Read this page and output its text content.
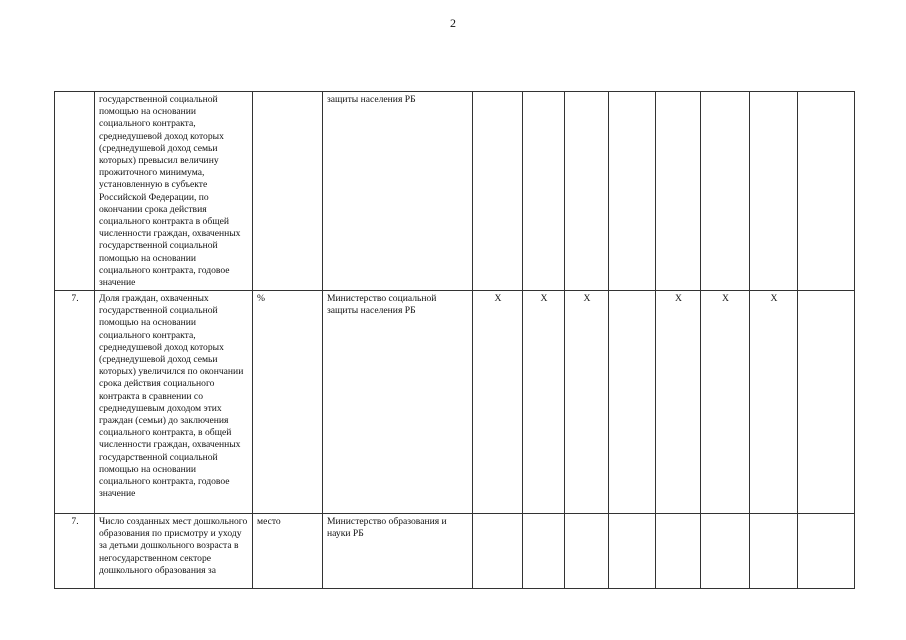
2
	государственной социальной помощью на основании социального контракта, среднедушевой доход которых (среднедушевой доход семьи которых) превысил величину прожиточного минимума, установленную в субъекте Российской Федерации, по окончании срока действия социального контракта в общей численности граждан, охваченных государственной социальной помощью на основании социального контракта, годовое значение		защиты населения РБ								
7.	Доля граждан, охваченных государственной социальной помощью на основании социального контракта, среднедушевой доход которых (среднедушевой доход семьи которых) увеличился по окончании срока действия социального контракта в сравнении со среднедушевым доходом этих граждан (семьи) до заключения социального контракта, в общей численности граждан, охваченных государственной социальной помощью на основании социального контракта, годовое значение	%	Министерство социальной защиты населения РБ	X	X	X		X	X	X	
7.	Число созданных мест дошкольного образования по присмотру и уходу за детьми дошкольного возраста в негосударственном секторе дошкольного образования за	место	Министерство образования и науки РБ								
